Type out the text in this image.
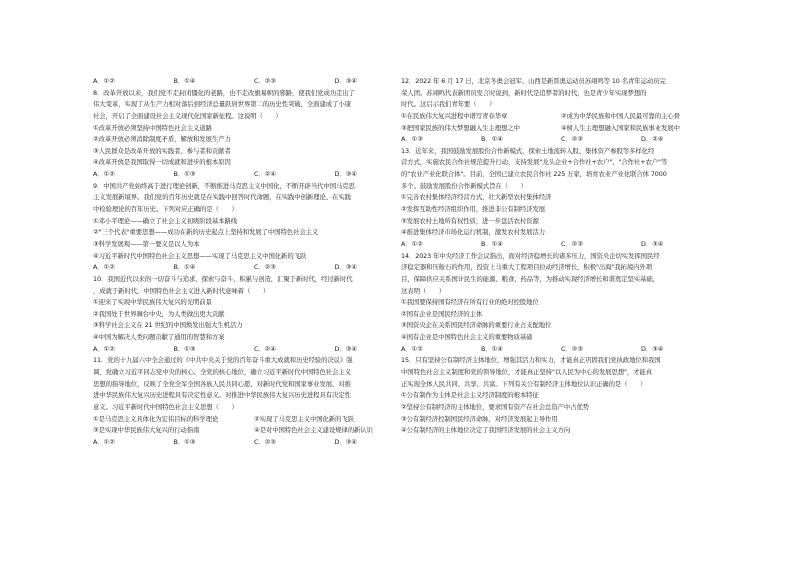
A．①②	B．①④	C．②③	D．③④
8．改革开放以来，我们党不走封闭僵化的老路，也不走改旗易帜的邪路，使我们党成功走出了
伟大变革，实现了从生产力相对落后到经济总量跃居世界第二的历史性突破，全面建成了小康
社会，开启了全面建设社会主义现代化国家新征程。这说明（　　）
①改革开放必须坚持中国特色社会主义道路
②改革开放必须消除制度矛盾，解放和发展生产力
③人民群众是改革开放的实践者、参与者和贡献者
④改革开放是我国取得一切成就和进步的根本原因
A．①②	B．①③	C．②④	D．③④
9．中国共产党始终高于进行理论创新，不断推进马克思主义中国化，不断开辟当代中国马克思
主义发展新境界。我们党的百年历史就是在实践中回答时代命题，在实践中创新理论、在实践
中检验理论的百年历史。下列对应正确的是（　　）
①邓小平理论——确立了社会主义初级阶段基本路线
②"三个代表"重要思想——成功在新的历史起点上坚持和发展了中国特色社会主义
③科学发展观——第一要义是以人为本
④习近平新时代中国特色社会主义思想——实现了马克思主义中国化新的飞跃
A．①②	B．①④	C．②③	D．③④
10．我国近代以来的一切奋斗与追求、探索与奋斗、积累与创造，汇聚于新时代，经过新时代
，成就于新时代，中国特色社会主义进入新时代意味着（　　）
①迎来了实现中华民族伟大复兴的光明前景
②我国处于世界舞台中央，为人类做出更大贡献
③科学社会主义在 21 世纪的中国焕发出强大生机活力
④中国为解决人类问题贡献了通用的智慧和方案
A．①②	B．①③	C．②④	D．③④
11．党的十九届六中全会通过的《中共中央关于党的百年奋斗重大成就和历史经验的决议》强
调，党确立习近平同志党中央的核心、全党的核心地位，确立习近平新时代中国特色社会主义
思想的指导地位，反映了全党全军全国各族人民共同心愿，对新时代党和国家事业发展、对推
进中华民族伟大复兴历史进程具有决定性意义。对推进中华民族伟大复兴历史进程具有决定性
意义。习近平新时代中国特色社会主义思想（　　）
①是马克思主义具体化为宏伟目标的科学理论	②实现了马克思主义中国化新的飞跃
③是实现中华民族伟大复兴的行动指南	④是对中国特色社会主义建设规律的新认识
A．①②	B．①③	C．②③	D．③④
12．2022 年 6 月 17 日，北京冬奥会冠军、山西是新晋奥运动员苏翊鸣等 10 名青年运动员完
荣人团。苏翊鸣代表新团员发言时说到，新时代是追梦者的时代，也是青少年实现梦想的
时代。这启示我们青年要（　　）
①在民族伟大复兴进程中谱写青春华章	②成为中华民族和中国人民最可靠的主心骨
③把国家民族的伟大梦想融入生主理想之中	④树人生主理想融入国家和民族事业发展中
A．①③	B．①④	C．②③	D．②④
13．近年来，我国鼓励发展股份合作新模式，探索土地流转入股、集体资产参股等多样化经
营方式，实施农民合作社规范提升行动，支持发展"龙头企业+合作社+农户"、"合作社+农户"等
的"农业产业化联合体"。目前，全国已建立农民合作社 225 万家，培育农业产业化联合体 7000
多个。鼓励发展股份合作新模式旨在（　　）
①完善农村集体经济经营方式，壮大新型农村集体经济
②发挥互助性经济组织作用，推进非公有制经济发展
③发展农村土地所有权性质，进一步盘活农村资源
④推进集体经济市场化运行机制，激发农村发展活力
A．①②	B．①④	C．②③	D．③④
14．2023 年中央经济工作会议指出，面对经济稳增长的诸多压力，国资央企切实发挥国民经
济稳定器和压舱石的作用，投资上马重大工程项目拉动经济增长，积极"出海"我拓境内外项
目，保障供应关系国计民生的能源、粮食、药品等，为推动实现经济增长和谐奠定坚实基础，
这表明（　　）
①我国要保持国有经济在所有行业的绝对控股地位
②国有企业是国民经济的主体
③国资央企在关系国民经济命脉的重要行业占支配地位
④国有企业是中国特色社会主义的重要物质基础
A．①②	B．①④	C．②③	D．③④
15．只有坚持公有制经济主体地位，增强其活力和实力，才能真正巩固我们党执政地位和我国
中国特色社会主义制度和党的领导地位，才能真正坚持"以人民为中心的发展思想"，才能真
正实现全体人民共同、共享、共富。下列有关公有制经济主体地位认识正确的是（　　）
①公有制作为主体是社会主义经济制度的根本特征
②坚持公有制经济的主体地位，要求国有资产在社会总资产中占优势
③公有制经济控制国民经济命脉，对经济发展起主导作用
④公有制经济的主体地位决定了我国经济发展的社会主义方向
